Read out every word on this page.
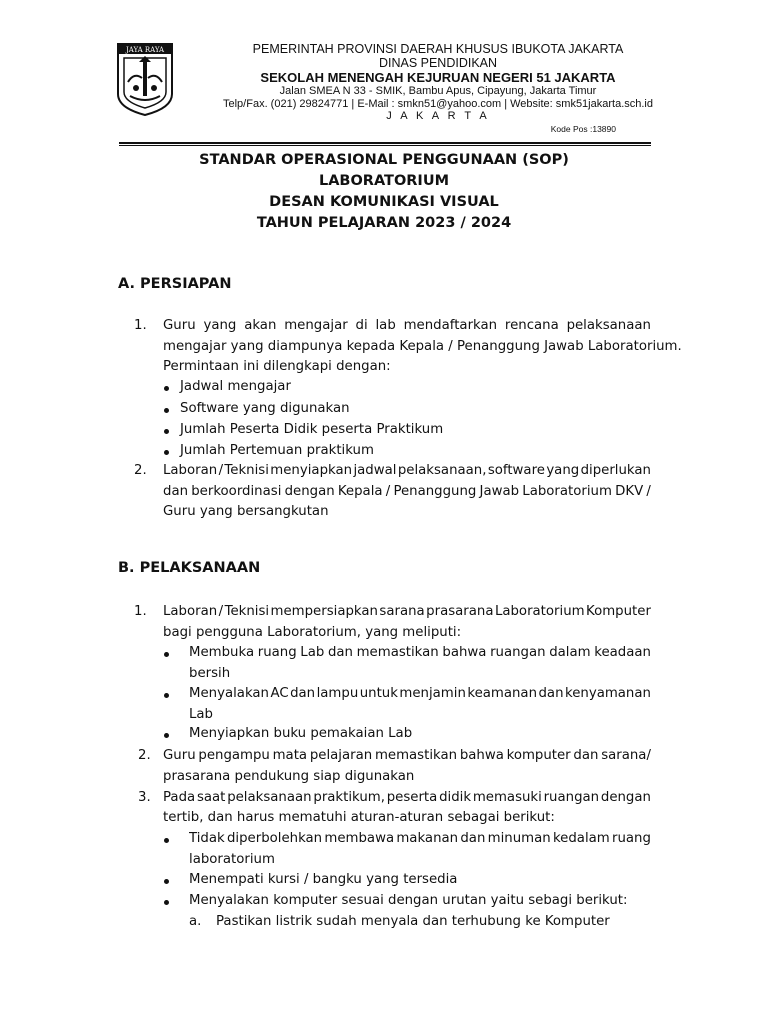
JAYA RAYA	PEMERINTAH PROVINSI DAERAH KHUSUS IBUKOTA JAKARTA
DINAS PENDIDIKAN
SEKOLAH MENENGAH KEJURUAN NEGERI 51 JAKARTA
Jalan SMEA N 33 - SMIK, Bambu Apus, Cipayung, Jakarta Timur
Telp/Fax. (021) 29824771 | E-Mail : smkn51@yahoo.com | Website: smk51jakarta.sch.id
J A K A R T A
Kode Pos :13890
STANDAR OPERASIONAL PENGGUNAAN (SOP)
LABORATORIUM
DESAN KOMUNIKASI VISUAL
TAHUN PELAJARAN 2023 / 2024
A. PERSIAPAN
1. Guru yang akan mengajar di lab mendaftarkan rencana pelaksanaan
mengajar yang diampunya kepada Kepala / Penanggung Jawab Laboratorium.
Permintaan ini dilengkapi dengan:
Jadwal mengajar
Software yang digunakan
Jumlah Peserta Didik peserta Praktikum
Jumlah Pertemuan praktikum
2. Laboran / Teknisi menyiapkan jadwal pelaksanaan, software yang diperlukan
dan berkoordinasi dengan Kepala / Penanggung Jawab Laboratorium DKV /
Guru yang bersangkutan
B. PELAKSANAAN
1. Laboran / Teknisi mempersiapkan sarana prasarana Laboratorium Komputer
bagi pengguna Laboratorium, yang meliputi:
Membuka ruang Lab dan memastikan bahwa ruangan dalam keadaan
bersih
Menyalakan AC dan lampu untuk menjamin keamanan dan kenyamanan
Lab
Menyiapkan buku pemakaian Lab
2. Guru pengampu mata pelajaran memastikan bahwa komputer dan sarana/
prasarana pendukung siap digunakan
3. Pada saat pelaksanaan praktikum, peserta didik memasuki ruangan dengan
tertib, dan harus mematuhi aturan-aturan sebagai berikut:
Tidak diperbolehkan membawa makanan dan minuman kedalam ruang
laboratorium
Menempati kursi / bangku yang tersedia
Menyalakan komputer sesuai dengan urutan yaitu sebagi berikut:
a. Pastikan listrik sudah menyala dan terhubung ke Komputer
